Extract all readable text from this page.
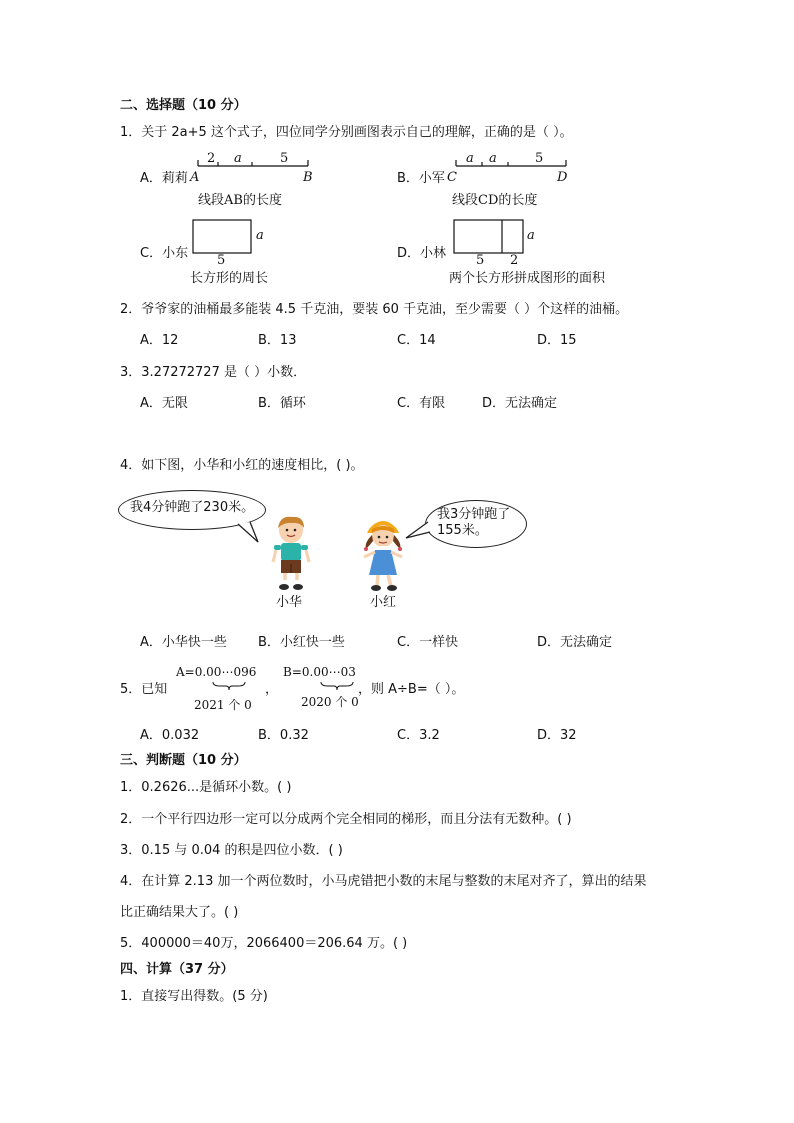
二、选择题（10 分）
1．关于 2a+5 这个式子，四位同学分别画图表示自己的理解，正确的是（ ）。
A．莉莉
2 a	5
A	B
线段AB的长度
B．小军
a a	5
C	D
线段CD的长度
C．小东
a
5
长方形的周长
D．小林
a
5 2
两个长方形拼成图形的面积
2．爷爷家的油桶最多能装 4.5 千克油，要装 60 千克油，至少需要（ ）个这样的油桶。
A．12	B．13	C．14	D．15
3．3.27272727 是（ ）小数．
A．无限	B．循环	C．有限	D．无法确定
4．如下图，小华和小红的速度相比，( )。
我4分钟跑了230米。	我3分钟跑了
155米。
小华	小红
A．小华快一些 B．小红快一些	C．一样快	D．无法确定
5．已知
A=0.00⋯096
2021 个 0
，
B=0.00⋯03
2020 个 0
，则 A÷B=（ ）。
A．0.032	B．0.32	C．3.2	D．32
三、判断题（10 分）
1．0.2626...是循环小数。( )
2．一个平行四边形一定可以分成两个完全相同的梯形，而且分法有无数种。( )
3．0.15 与 0.04 的积是四位小数．( )
4．在计算 2.13 加一个两位数时，小马虎错把小数的末尾与整数的末尾对齐了，算出的结果
比正确结果大了。( )
5．400000＝40万，2066400＝206.64 万。( )
四、计算（37 分）
1．直接写出得数。(5 分)
